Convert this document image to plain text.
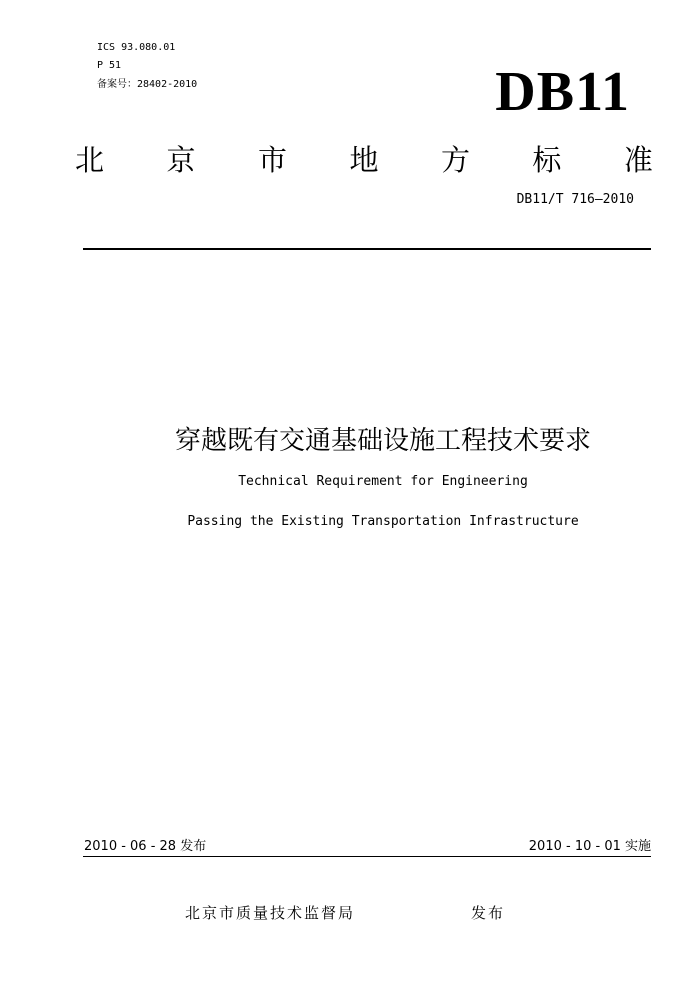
ICS 93.080.01
P 51
备案号：28402-2010	DB11
北 京 市 地 方 标 准
DB11/T 716—2010
穿越既有交通基础设施工程技术要求
Technical Requirement for Engineering
Passing the Existing Transportation Infrastructure
2010 - 06 - 28 发布	2010 - 10 - 01 实施
北京市质量技术监督局	发布
